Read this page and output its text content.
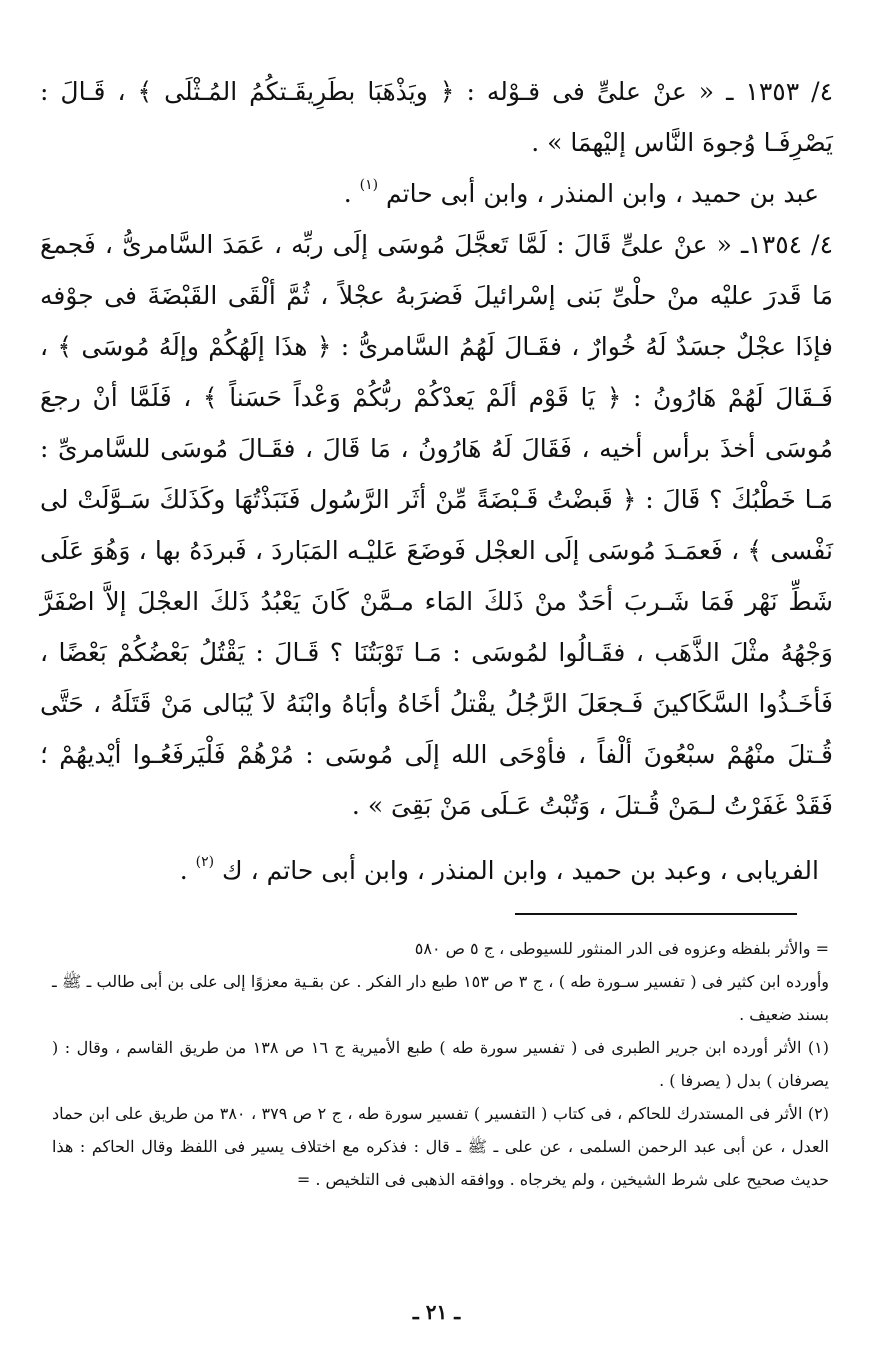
٤/ ١٣٥٣ ـ « عنْ علىٍّ فى قـوْله : ﴿ ويَذْهَبَا بطَرِيقَـتكُمُ المُـثْلَى ﴾ ، قَـالَ : يَصْرِفَـا وُجوهَ النَّاس إليْهمَا » .

عبد بن حميد ، وابن المنذر ، وابن أبى حاتم $^{(١)}$ .

٤/ ١٣٥٤ـ « عنْ علىٍّ قَالَ : لَمَّا تَعجَّلَ مُوسَى إلَى ربِّه ، عَمَدَ السَّامرىُّ ، فَجمعَ مَا قَدرَ عليْه منْ حلْىِّ بَنى إسْرائيلَ فَضرَبهُ عجْلاً ، ثُمَّ ألْقَى القَبْضَةَ فى جوْفه فإذَا عجْلٌ جسَدٌ لَهُ خُوارٌ ، فقَـالَ لَهُمُ السَّامرىُّ : ﴿ هذَا إلَهُكُمْ وإلَهُ مُوسَى ﴾ ، فَـقَالَ لَهُمْ هَارُونُ : ﴿ يَا قَوْم ألَمْ يَعدْكُمْ ربُّكُمْ وَعْداً حَسَناً ﴾ ، فَلَمَّا أنْ رجعَ مُوسَى أخذَ برأس أخيه ، فَقَالَ لَهُ هَارُونُ ، مَا قَالَ ، فقَـالَ مُوسَى للسَّامرىِّ : مَـا خَطْبُكَ ؟ قَالَ : ﴿ قَبضْتُ قَـبْضَةً مِّنْ أثَر الرَّسُول فَنَبَذْتُهَا وكَذَلكَ سَـوَّلَتْ لى نَفْسى ﴾ ، فَعمَـدَ مُوسَى إلَى العجْل فَوضَعَ عَليْـه المَبَاردَ ، فَبردَهُ بها ، وَهُوَ عَلَى شَطِّ نَهْر فَمَا شَـربَ أحَدٌ منْ ذَلكَ المَاء مـمَّنْ كَانَ يَعْبُدُ ذَلكَ العجْلَ إلاَّ اصْفَرَّ وَجْهُهُ مثْلَ الذَّهَب ، فقَـالُوا لمُوسَى : مَـا تَوْبَتُنَا ؟ قَـالَ : يَقْتُلُ بَعْضُكُمْ بَعْضًا ، فَأخَـذُوا السَّكَاكينَ فَـجعَلَ الرَّجُلُ يقْتلُ أخَاهُ وأبَاهُ وابْنَهُ لاَ يُبَالى مَنْ قَتَلَهُ ، حَتَّى قُـتلَ منْهُمْ سبْعُونَ ألْفاً ، فأوْحَى الله إلَى مُوسَى : مُرْهُمْ فَلْيَرفَعُـوا أيْديهُمْ ؛ فَقَدْ غَفَرْتُ لـمَنْ قُـتلَ ، وَتُبْتُ عَـلَى مَنْ بَقِىَ » .

الفريابى ، وعبد بن حميد ، وابن المنذر ، وابن أبى حاتم ، ك $^{(٢)}$ .

= والأثر بلفظه وعزوه فى الدر المنثور للسيوطى ، ج ٥ ص ٥٨٠

وأورده ابن كثير فى ( تفسير سـورة طه ) ، ج ٣ ص ١٥٣ طبع دار الفكر . عن بقـية معزوًا إلى على بن أبى طالب ـ ﷺ ـ بسند ضعيف .

(١) الأثر أورده ابن جرير الطبرى فى ( تفسير سورة طه ) طبع الأميرية ج ١٦ ص ١٣٨ من طريق القاسم ، وقال : ( يصرفان ) بدل ( يصرفا ) .

(٢) الأثر فى المستدرك للحاكم ، فى كتاب ( التفسير ) تفسير سورة طه ، ج ٢ ص ٣٧٩ ، ٣٨٠ من طريق على ابن حماد العدل ، عن أبى عبد الرحمن السلمى ، عن على ـ ﷺ ـ قال : فذكره مع اختلاف يسير فى اللفظ وقال الحاكم : هذا حديث صحيح على شرط الشيخين ، ولم يخرجاه . ووافقه الذهبى فى التلخيص . =

ـ ٢١ ـ
